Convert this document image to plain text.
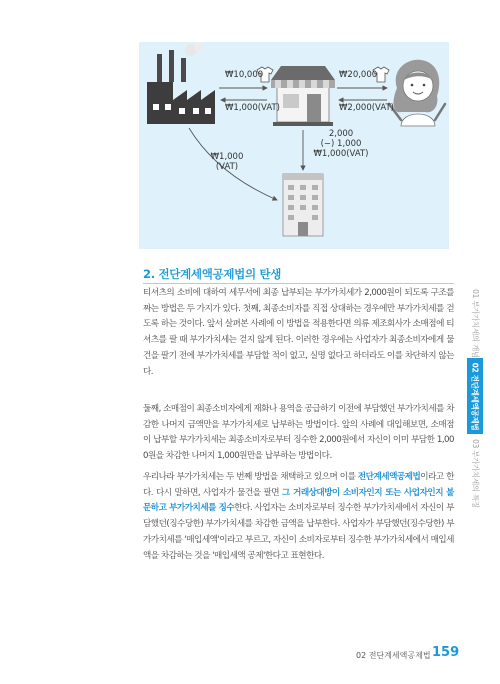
₩10,000
₩1,000(VAT)
₩20,000
₩2,000(VAT)
2,000
(−) 1,000
₩1,000(VAT)
₩1,000
(VAT)
2. 전단계세액공제법의 탄생
티셔츠의 소비에 대하여 세무서에 최종 납부되는 부가가치세가 2,000원이 되도록 구조를 짜는 방법은 두 가지가 있다. 첫째, 최종소비자를 직접 상대하는 경우에만 부가가치세를 걷도록 하는 것이다. 앞서 살펴본 사례에 이 방법을 적용한다면 의류 제조회사가 소매점에 티셔츠를 팔 때 부가가치세는 걷지 않게 된다. 이러한 경우에는 사업자가 최종소비자에게 물건을 팔기 전에 부가가치세를 부담할 적이 없고, 실명 없다고 하더라도 이를 차단하지 않는다.
둘째, 소매점이 최종소비자에게 재화나 용역을 공급하기 이전에 부담했던 부가가치세를 차감한 나머지 금액만을 부가가치세로 납부하는 방법이다. 앞의 사례에 대입해보면, 소매점이 납부할 부가가치세는 최종소비자로부터 징수한 2,000원에서 자신이 이미 부담한 1,000원을 차감한 나머지 1,000원만을 납부하는 방법이다.
우리나라 부가가치세는 두 번째 방법을 채택하고 있으며 이를 전단계세액공제법이라고 한다. 다시 말하면, 사업자가 물건을 팔면 그 거래상대방이 소비자인지 또는 사업자인지 불문하고 부가가치세를 징수한다. 사업자는 소비자로부터 징수한 부가가치세에서 자신이 부담했던(징수당한) 부가가치세를 차감한 금액을 납부한다. 사업자가 부담했던(징수당한) 부가가치세를 '매입세액'이라고 부르고, 자신이 소비자로부터 징수한 부가가치세에서 매입세액을 차감하는 것을 '매입세액 공제'한다고 표현한다.
01 부가가치세의 개념
02 전단계세액공제법
03 부가가치세의 특징
02 전단계세액공제법 159
